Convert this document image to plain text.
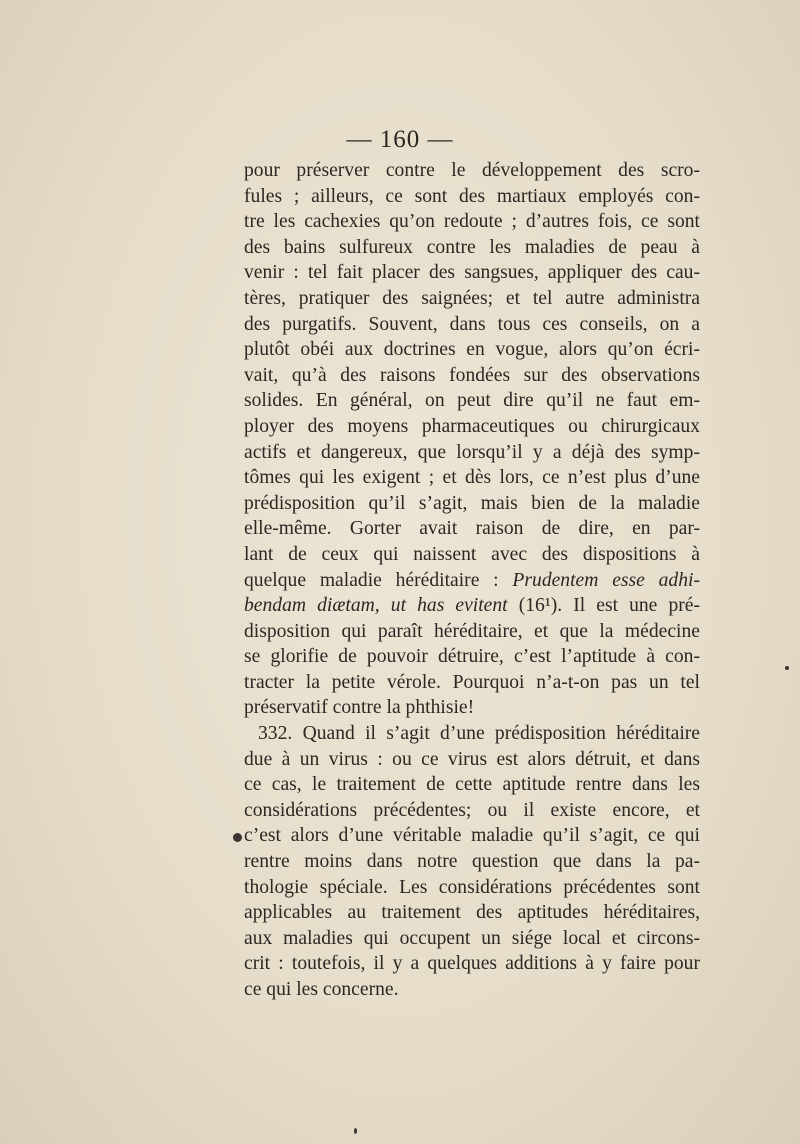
— 160 —
pour préserver contre le développement des scro-
fules ; ailleurs, ce sont des martiaux employés con-
tre les cachexies qu’on redoute ; d’autres fois, ce sont
des bains sulfureux contre les maladies de peau à
venir : tel fait placer des sangsues, appliquer des cau-
tères, pratiquer des saignées; et tel autre administra
des purgatifs. Souvent, dans tous ces conseils, on a
plutôt obéi aux doctrines en vogue, alors qu’on écri-
vait, qu’à des raisons fondées sur des observations
solides. En général, on peut dire qu’il ne faut em-
ployer des moyens pharmaceutiques ou chirurgicaux
actifs et dangereux, que lorsqu’il y a déjà des symp-
tômes qui les exigent ; et dès lors, ce n’est plus d’une
prédisposition qu’il s’agit, mais bien de la maladie
elle-même. Gorter avait raison de dire, en par-
lant de ceux qui naissent avec des dispositions à
quelque maladie héréditaire : Prudentem esse adhi-
bendam diætam, ut has evitent (16¹). Il est une pré-
disposition qui paraît héréditaire, et que la médecine
se glorifie de pouvoir détruire, c’est l’aptitude à con-
tracter la petite vérole. Pourquoi n’a-t-on pas un tel
préservatif contre la phthisie!
332. Quand il s’agit d’une prédisposition héréditaire
due à un virus : ou ce virus est alors détruit, et dans
ce cas, le traitement de cette aptitude rentre dans les
considérations précédentes; ou il existe encore, et
c’est alors d’une véritable maladie qu’il s’agit, ce qui
rentre moins dans notre question que dans la pa-
thologie spéciale. Les considérations précédentes sont
applicables au traitement des aptitudes héréditaires,
aux maladies qui occupent un siége local et circons-
crit : toutefois, il y a quelques additions à y faire pour
ce qui les concerne.
